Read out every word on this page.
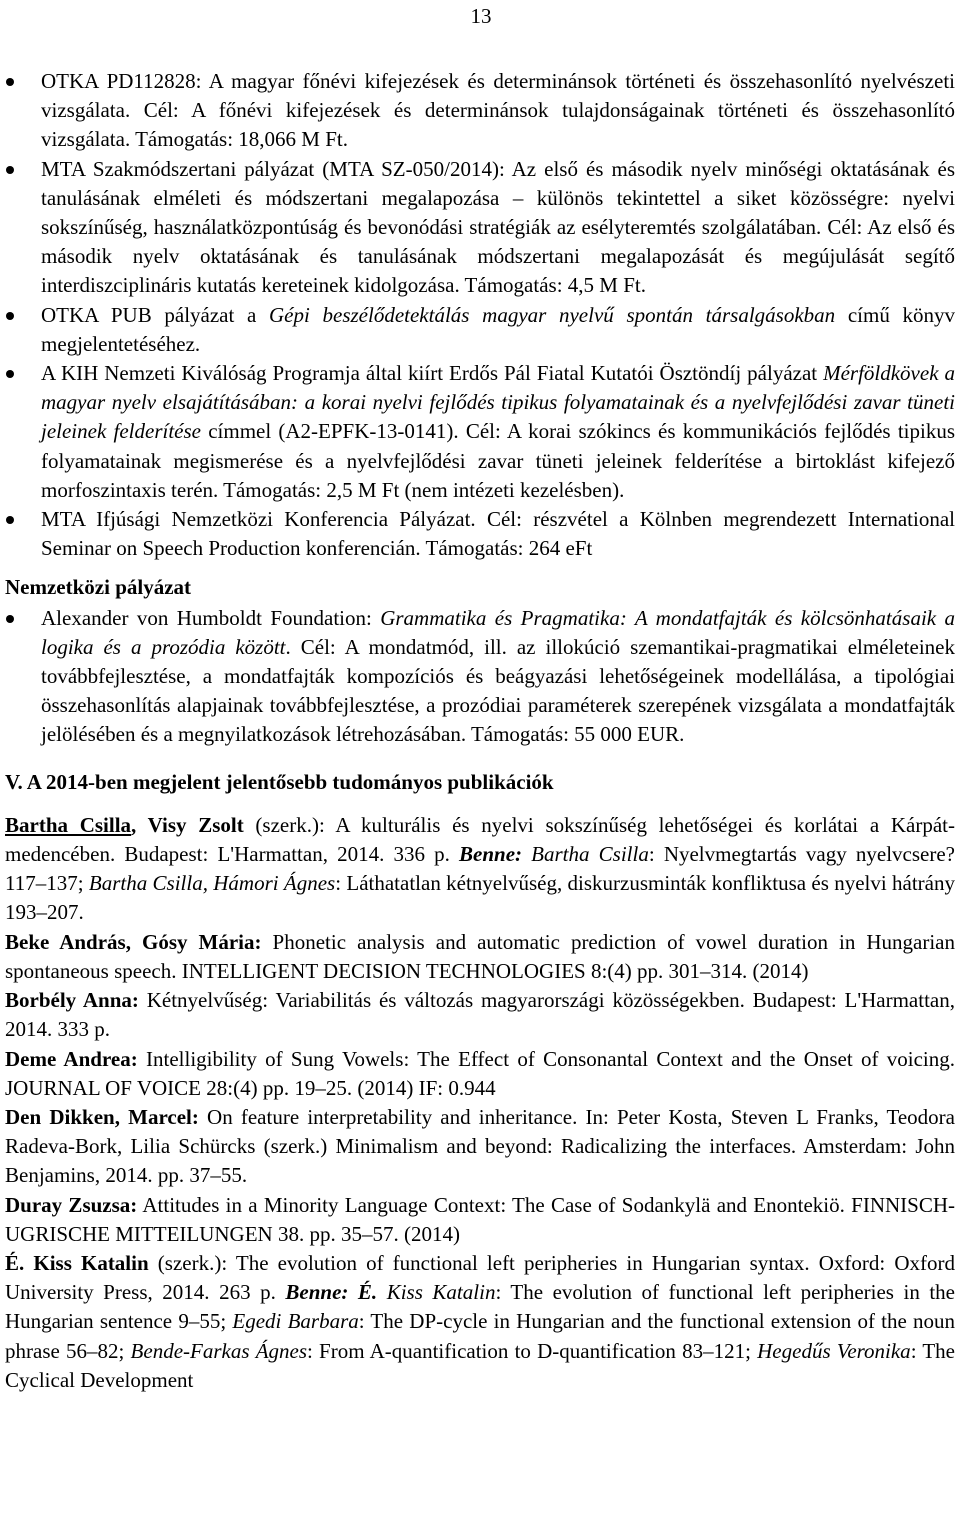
13
OTKA PD112828: A magyar főnévi kifejezések és determinánsok történeti és összehasonlító nyelvészeti vizsgálata. Cél: A főnévi kifejezések és determinánsok tulajdonságainak történeti és összehasonlító vizsgálata. Támogatás: 18,066 M Ft.
MTA Szakmódszertani pályázat (MTA SZ-050/2014): Az első és második nyelv minőségi oktatásának és tanulásának elméleti és módszertani megalapozása – különös tekintettel a siket közösségre: nyelvi sokszínűség, használatközpontúság és bevonódási stratégiák az esélyteremtés szolgálatában. Cél: Az első és második nyelv oktatásának és tanulásának módszertani megalapozását és megújulását segítő interdiszciplináris kutatás kereteinek kidolgozása. Támogatás: 4,5 M Ft.
OTKA PUB pályázat a Gépi beszélődetektálás magyar nyelvű spontán társalgásokban című könyv megjelentetéséhez.
A KIH Nemzeti Kiválóság Programja által kiírt Erdős Pál Fiatal Kutatói Ösztöndíj pályázat Mérföldkövek a magyar nyelv elsajátításában: a korai nyelvi fejlődés tipikus folyamatainak és a nyelvfejlődési zavar tüneti jeleinek felderítése címmel (A2-EPFK-13-0141). Cél: A korai szókincs és kommunikációs fejlődés tipikus folyamatainak megismerése és a nyelvfejlődési zavar tüneti jeleinek felderítése a birtoklást kifejező morfoszintaxis terén. Támogatás: 2,5 M Ft (nem intézeti kezelésben).
MTA Ifjúsági Nemzetközi Konferencia Pályázat. Cél: részvétel a Kölnben megrendezett International Seminar on Speech Production konferencián. Támogatás: 264 eFt
Nemzetközi pályázat
Alexander von Humboldt Foundation: Grammatika és Pragmatika: A mondatfajták és kölcsönhatásaik a logika és a prozódia között. Cél: A mondatmód, ill. az illokúció szemantikai-pragmatikai elméleteinek továbbfejlesztése, a mondatfajták kompozíciós és beágyazási lehetőségeinek modellálása, a tipológiai összehasonlítás alapjainak továbbfejlesztése, a prozódiai paraméterek szerepének vizsgálata a mondatfajták jelölésében és a megnyilatkozások létrehozásában. Támogatás: 55 000 EUR.
V. A 2014-ben megjelent jelentősebb tudományos publikációk

Bartha Csilla, Visy Zsolt (szerk.): A kulturális és nyelvi sokszínűség lehetőségei és korlátai a Kárpát-medencében. Budapest: L'Harmattan, 2014. 336 p. Benne: Bartha Csilla: Nyelvmegtartás vagy nyelvcsere? 117–137; Bartha Csilla, Hámori Ágnes: Láthatatlan kétnyelvűség, diskurzusminták konfliktusa és nyelvi hátrány 193–207.

Beke András, Gósy Mária: Phonetic analysis and automatic prediction of vowel duration in Hungarian spontaneous speech. INTELLIGENT DECISION TECHNOLOGIES 8:(4) pp. 301–314. (2014)

Borbély Anna: Kétnyelvűség: Variabilitás és változás magyarországi közösségekben. Budapest: L'Harmattan, 2014. 333 p.

Deme Andrea: Intelligibility of Sung Vowels: The Effect of Consonantal Context and the Onset of voicing. JOURNAL OF VOICE 28:(4) pp. 19–25. (2014) IF: 0.944

Den Dikken, Marcel: On feature interpretability and inheritance. In: Peter Kosta, Steven L Franks, Teodora Radeva-Bork, Lilia Schürcks (szerk.) Minimalism and beyond: Radicalizing the interfaces. Amsterdam: John Benjamins, 2014. pp. 37–55.

Duray Zsuzsa: Attitudes in a Minority Language Context: The Case of Sodankylä and Enontekiö. FINNISCH-UGRISCHE MITTEILUNGEN 38. pp. 35–57. (2014)

É. Kiss Katalin (szerk.): The evolution of functional left peripheries in Hungarian syntax. Oxford: Oxford University Press, 2014. 263 p. Benne: É. Kiss Katalin: The evolution of functional left peripheries in the Hungarian sentence 9–55; Egedi Barbara: The DP-cycle in Hungarian and the functional extension of the noun phrase 56–82; Bende-Farkas Ágnes: From A-quantification to D-quantification 83–121; Hegedűs Veronika: The Cyclical Development
